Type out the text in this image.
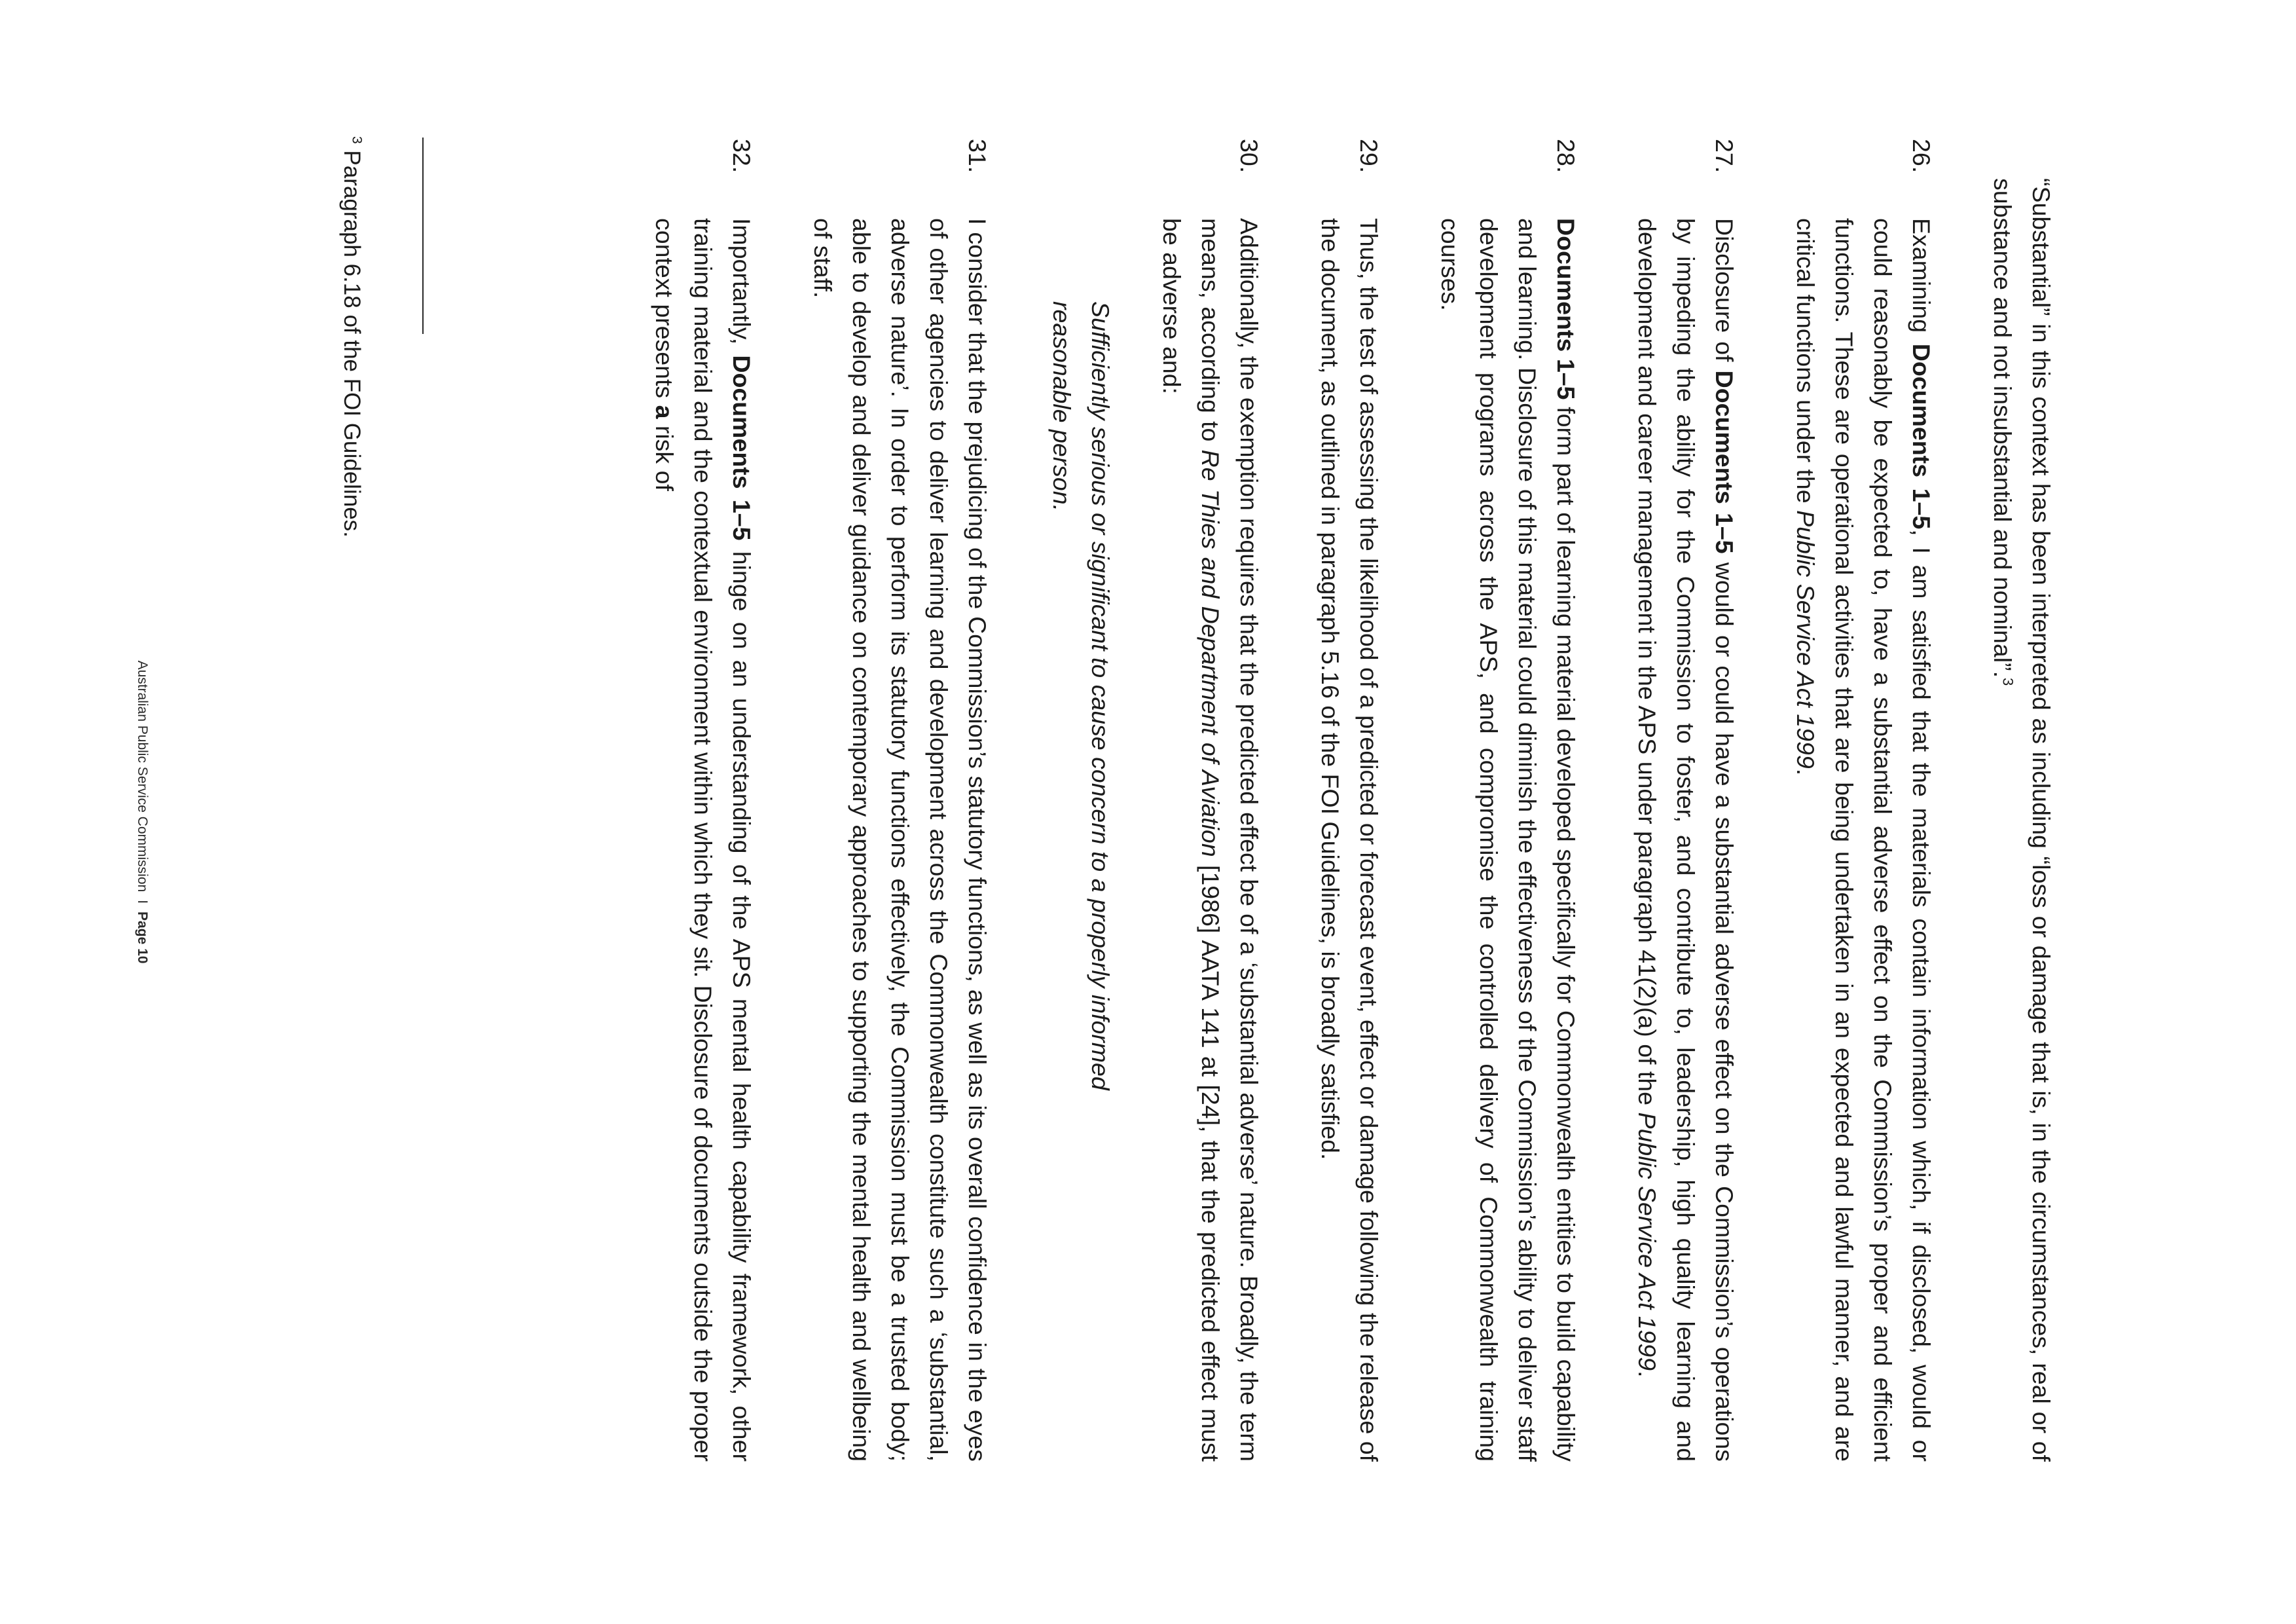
“Substantial” in this context has been interpreted as including “loss or damage that is, in the circumstances, real or of substance and not insubstantial and nominal”.$^3$

26.
Examining Documents 1–5, I am satisfied that the materials contain information which, if disclosed, would or could reasonably be expected to, have a substantial adverse effect on the Commission’s proper and efficient functions. These are operational activities that are being undertaken in an expected and lawful manner, and are critical functions under the Public Service Act 1999.

27.
Disclosure of Documents 1–5 would or could have a substantial adverse effect on the Commission’s operations by impeding the ability for the Commission to foster, and contribute to, leadership, high quality learning and development and career management in the APS under paragraph 41(2)(a) of the Public Service Act 1999.

28.
Documents 1–5 form part of learning material developed specifically for Commonwealth entities to build capability and learning. Disclosure of this material could diminish the effectiveness of the Commission’s ability to deliver staff development programs across the APS, and compromise the controlled delivery of Commonwealth training courses.

29.
Thus, the test of assessing the likelihood of a predicted or forecast event, effect or damage following the release of the document, as outlined in paragraph 5.16 of the FOI Guidelines, is broadly satisfied.

30.
Additionally, the exemption requires that the predicted effect be of a ‘substantial adverse’ nature. Broadly, the term means, according to Re Thies and Department of Aviation [1986] AATA 141 at [24], that the predicted effect must be adverse and:

Sufficiently serious or significant to cause concern to a properly informed
reasonable person.

31.
I consider that the prejudicing of the Commission’s statutory functions, as well as its overall confidence in the eyes of other agencies to deliver learning and development across the Commonwealth constitute such a ‘substantial, adverse nature’. In order to perform its statutory functions effectively, the Commission must be a trusted body; able to develop and deliver guidance on contemporary approaches to supporting the mental health and wellbeing of staff.

32.
Importantly, Documents 1–5 hinge on an understanding of the APS mental health capability framework, other training material and the contextual environment within which they sit. Disclosure of documents outside the proper context presents a risk of

$^3$ Paragraph 6.18 of the FOI Guidelines.
Australian Public Service CommissionIPage 10
